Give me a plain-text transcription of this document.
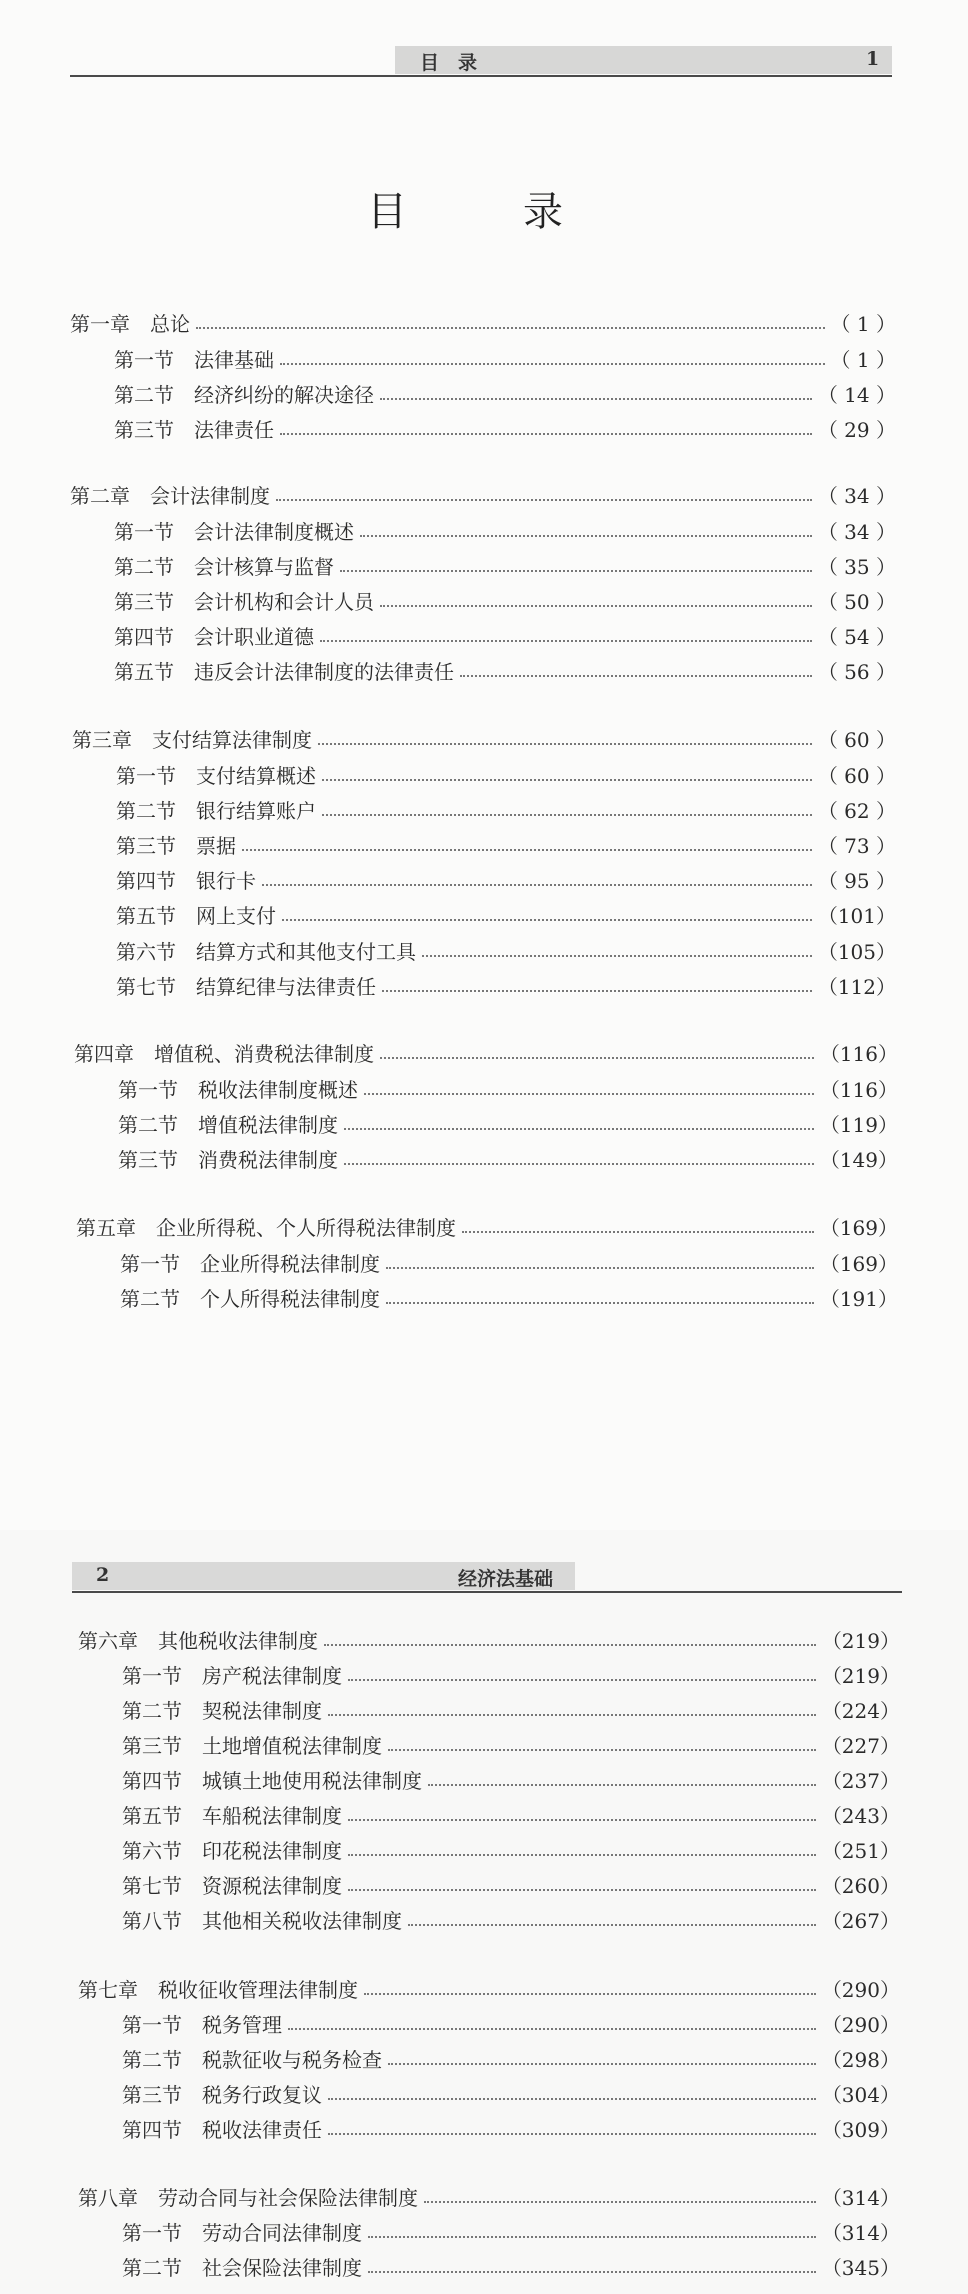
目　录	1
目　录
第一章　总论	（ 1 ）
第一节　法律基础	（ 1 ）
第二节　经济纠纷的解决途径	（ 14 ）
第三节　法律责任	（ 29 ）
第二章　会计法律制度	（ 34 ）
第一节　会计法律制度概述	（ 34 ）
第二节　会计核算与监督	（ 35 ）
第三节　会计机构和会计人员	（ 50 ）
第四节　会计职业道德	（ 54 ）
第五节　违反会计法律制度的法律责任	（ 56 ）
第三章　支付结算法律制度	（ 60 ）
第一节　支付结算概述	（ 60 ）
第二节　银行结算账户	（ 62 ）
第三节　票据	（ 73 ）
第四节　银行卡	（ 95 ）
第五节　网上支付	（101）
第六节　结算方式和其他支付工具	（105）
第七节　结算纪律与法律责任	（112）
第四章　增值税、消费税法律制度	（116）
第一节　税收法律制度概述	（116）
第二节　增值税法律制度	（119）
第三节　消费税法律制度	（149）
第五章　企业所得税、个人所得税法律制度	（169）
第一节　企业所得税法律制度	（169）
第二节　个人所得税法律制度	（191）
2	经济法基础
第六章　其他税收法律制度	（219）
第一节　房产税法律制度	（219）
第二节　契税法律制度	（224）
第三节　土地增值税法律制度	（227）
第四节　城镇土地使用税法律制度	（237）
第五节　车船税法律制度	（243）
第六节　印花税法律制度	（251）
第七节　资源税法律制度	（260）
第八节　其他相关税收法律制度	（267）
第七章　税收征收管理法律制度	（290）
第一节　税务管理	（290）
第二节　税款征收与税务检查	（298）
第三节　税务行政复议	（304）
第四节　税收法律责任	（309）
第八章　劳动合同与社会保险法律制度	（314）
第一节　劳动合同法律制度	（314）
第二节　社会保险法律制度	（345）
